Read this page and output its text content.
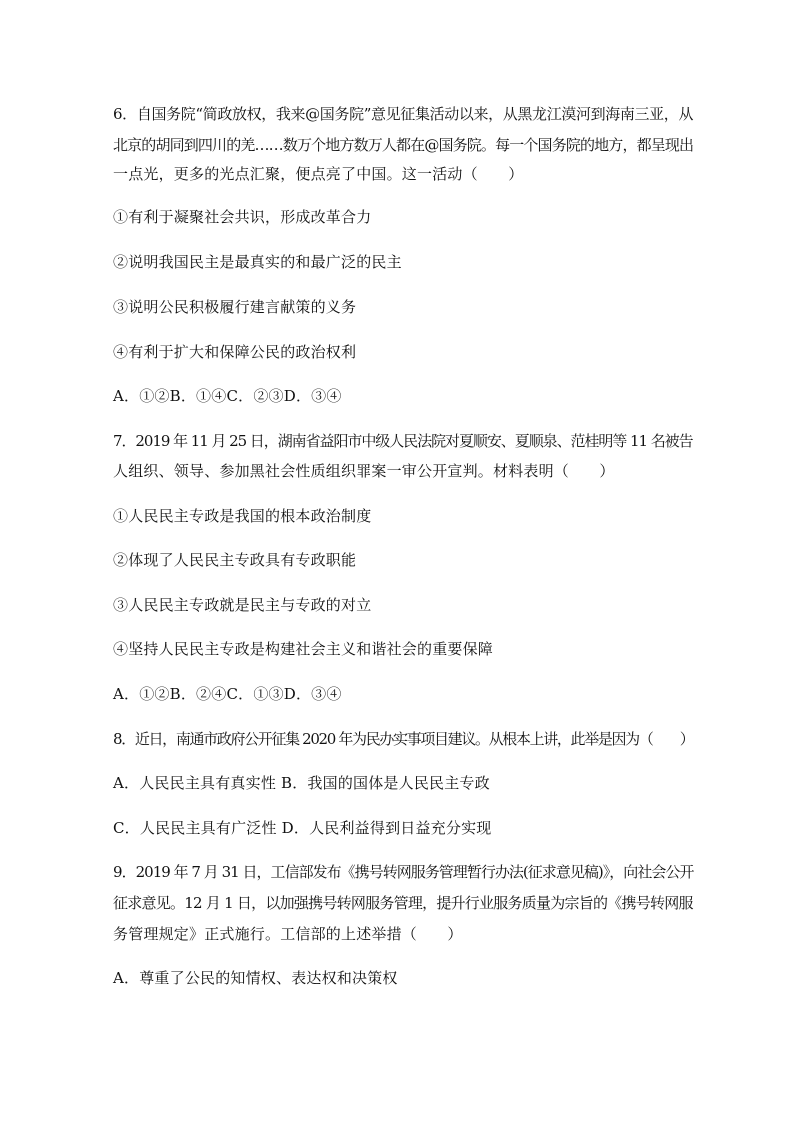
6．自国务院“简政放权，我来@国务院”意见征集活动以来，从黑龙江漠河到海南三亚，从
北京的胡同到四川的羌……数万个地方数万人都在@国务院。每一个国务院的地方，都呈现出
一点光，更多的光点汇聚，便点亮了中国。这一活动（　　）
①有利于凝聚社会共识，形成改革合力
②说明我国民主是最真实的和最广泛的民主
③说明公民积极履行建言献策的义务
④有利于扩大和保障公民的政治权利
A．①②B．①④C．②③D．③④
7．2019 年 11 月 25 日，湖南省益阳市中级人民法院对夏顺安、夏顺泉、范桂明等 11 名被告
人组织、领导、参加黑社会性质组织罪案一审公开宣判。材料表明（　　）
①人民民主专政是我国的根本政治制度
②体现了人民民主专政具有专政职能
③人民民主专政就是民主与专政的对立
④坚持人民民主专政是构建社会主义和谐社会的重要保障
A．①②B．②④C．①③D．③④
8．近日，南通市政府公开征集 2020 年为民办实事项目建议。从根本上讲，此举是因为（　　）
A．人民民主具有真实性 B．我国的国体是人民民主专政
C．人民民主具有广泛性 D．人民利益得到日益充分实现
9．2019 年 7 月 31 日，工信部发布《携号转网服务管理暂行办法(征求意见稿)》，向社会公开
征求意见。12 月 1 日，以加强携号转网服务管理，提升行业服务质量为宗旨的《携号转网服
务管理规定》正式施行。工信部的上述举措（　　）
A．尊重了公民的知情权、表达权和决策权
